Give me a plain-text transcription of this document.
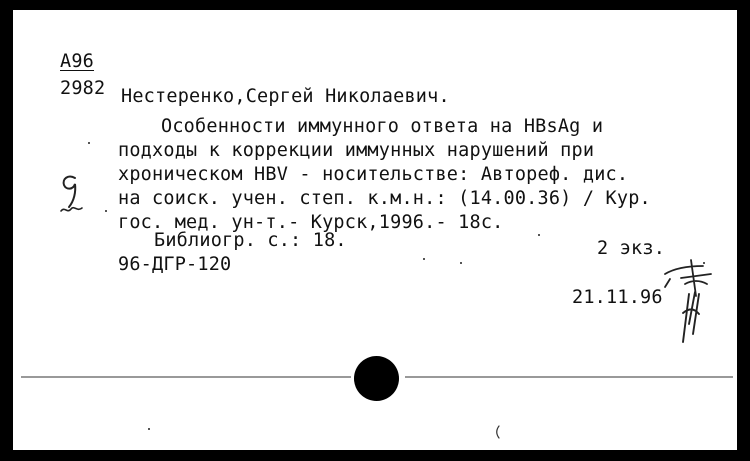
А96
2982 Нестеренко,Сергей Николаевич.
Особенности иммунного ответа на HBsAg и
подходы к коррекции иммунных нарушений при
хроническом HBV - носительстве: Автореф. дис.
на соиск. учен. степ. к.м.н.: (14.00.36) / Кур.
гос. мед. ун-т.- Курск,1996.- 18с.
Библиогр. с.: 18.	2 экз.
96-ДГР-120
21.11.96
